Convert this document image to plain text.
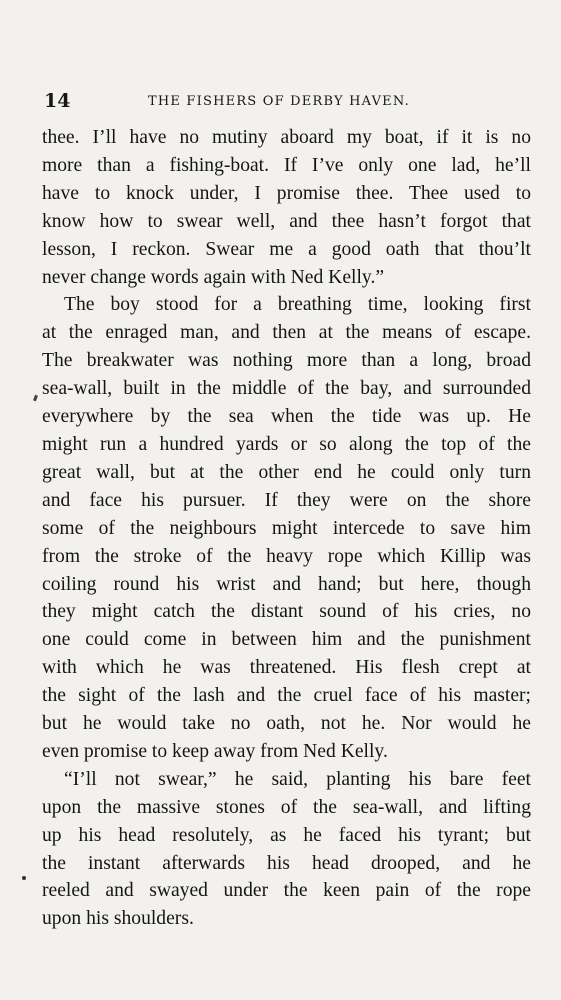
14	THE FISHERS OF DERBY HAVEN.
thee. I’ll have no mutiny aboard my boat, if it is no
more than a fishing-boat. If I’ve only one lad, he’ll
have to knock under, I promise thee. Thee used to
know how to swear well, and thee hasn’t forgot that
lesson, I reckon. Swear me a good oath that thou’lt
never change words again with Ned Kelly.”
The boy stood for a breathing time, looking first
at the enraged man, and then at the means of escape.
The breakwater was nothing more than a long, broad
sea-wall, built in the middle of the bay, and surrounded
everywhere by the sea when the tide was up. He
might run a hundred yards or so along the top of the
great wall, but at the other end he could only turn
and face his pursuer. If they were on the shore
some of the neighbours might intercede to save him
from the stroke of the heavy rope which Killip was
coiling round his wrist and hand; but here, though
they might catch the distant sound of his cries, no
one could come in between him and the punishment
with which he was threatened. His flesh crept at
the sight of the lash and the cruel face of his master;
but he would take no oath, not he. Nor would he
even promise to keep away from Ned Kelly.
“I’ll not swear,” he said, planting his bare feet
upon the massive stones of the sea-wall, and lifting
up his head resolutely, as he faced his tyrant; but
the instant afterwards his head drooped, and he
reeled and swayed under the keen pain of the rope
upon his shoulders.
